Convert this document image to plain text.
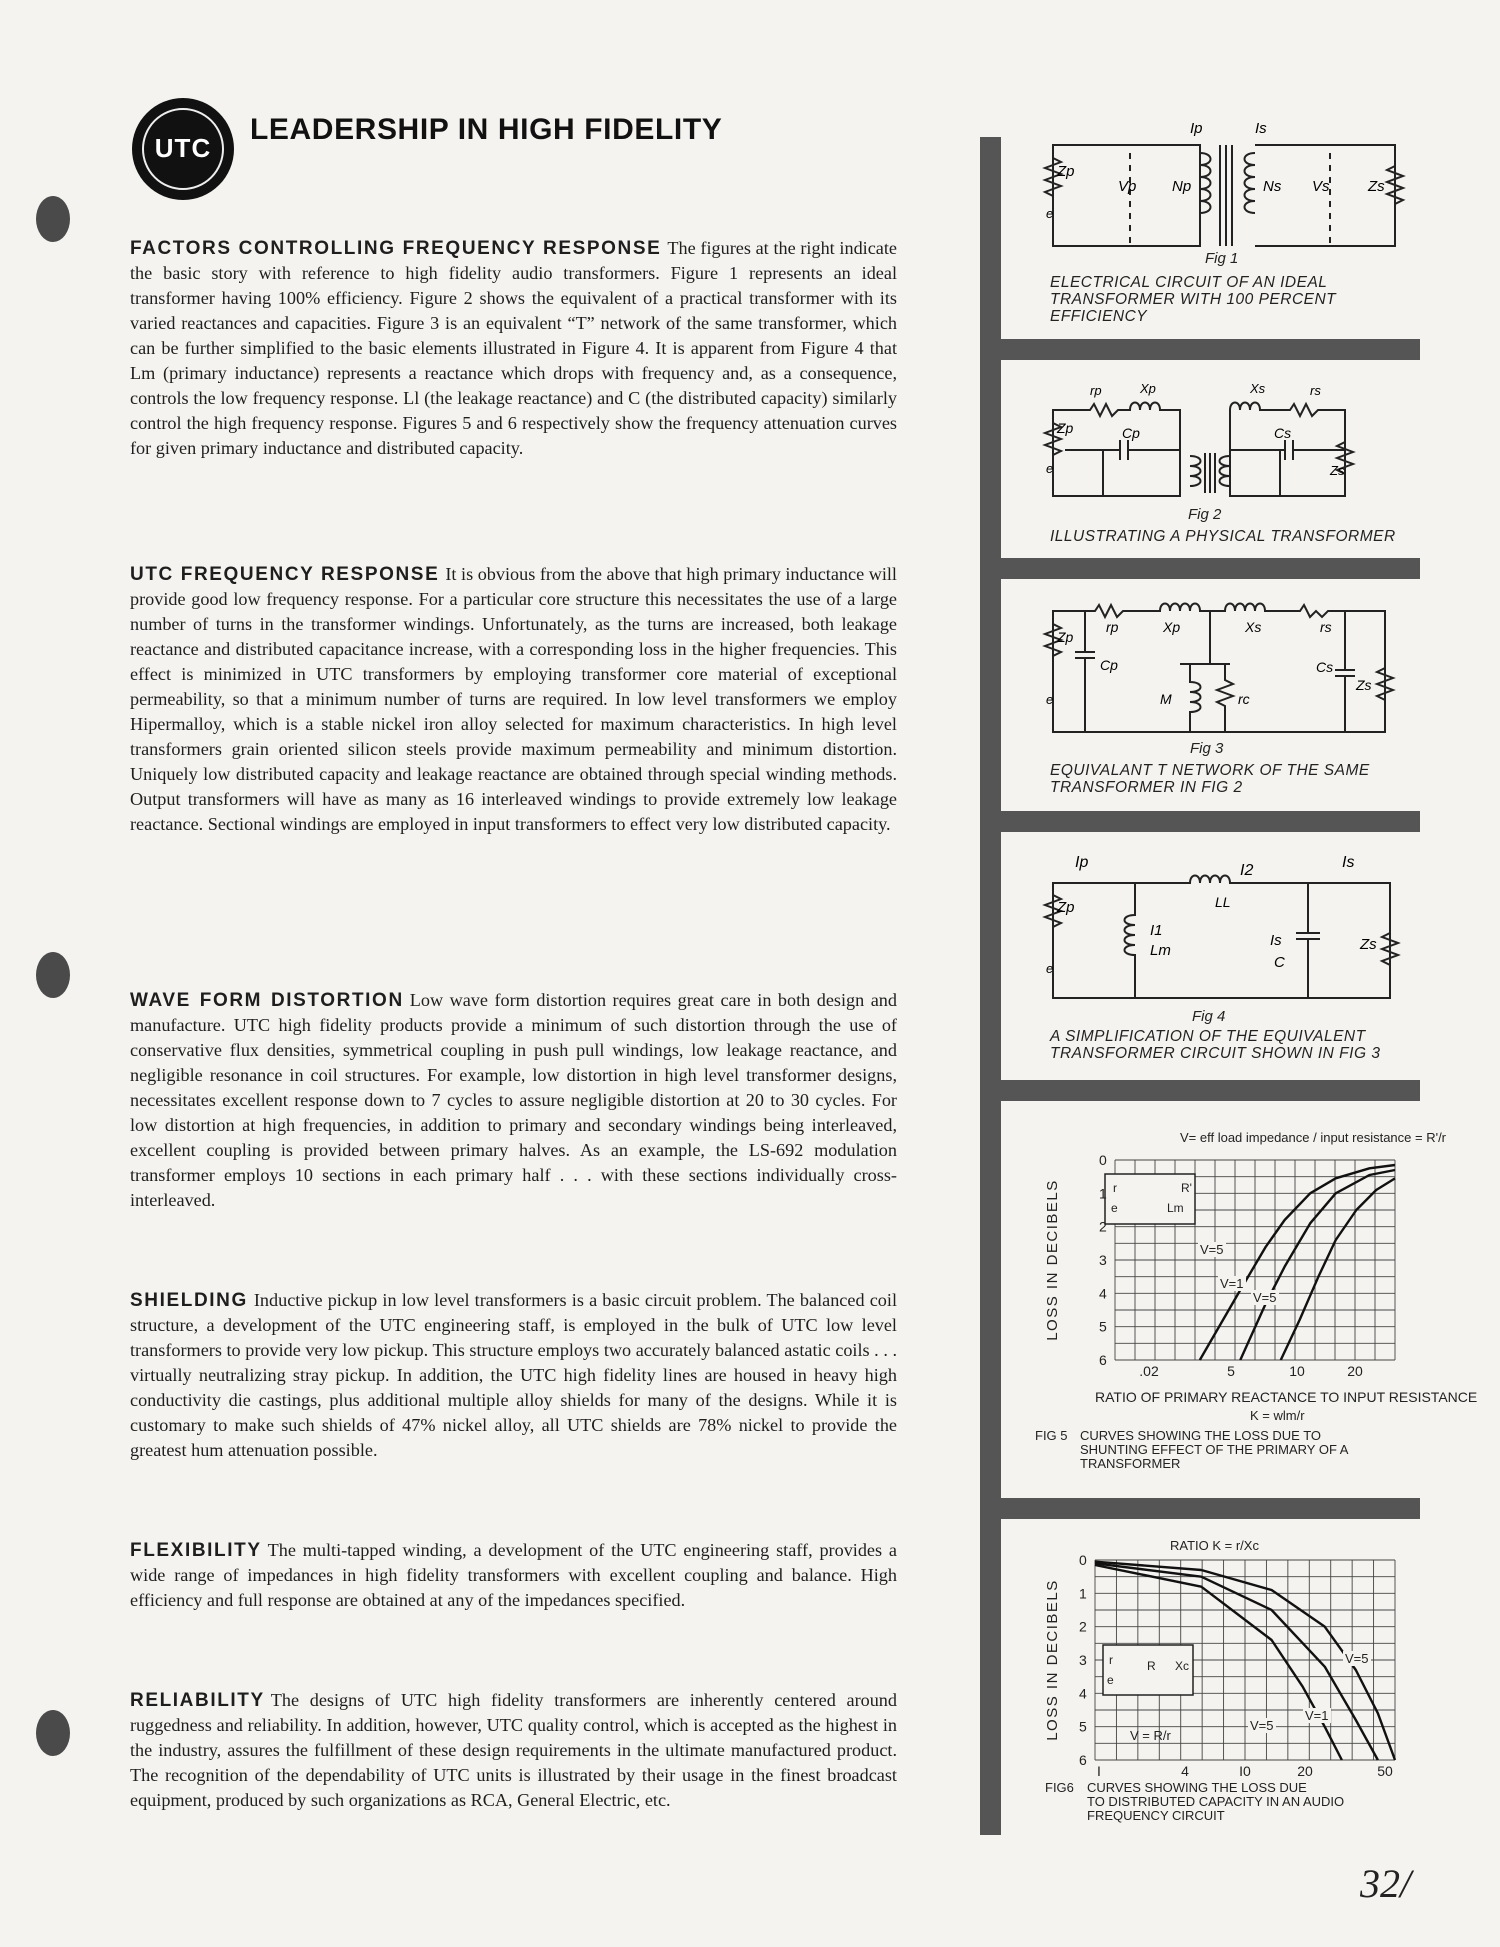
UTC
LEADERSHIP IN HIGH FIDELITY
FACTORS CONTROLLING FREQUENCY RESPONSE The figures at the right indicate the basic story with reference to high fidelity audio transformers. Figure 1 represents an ideal transformer having 100% efficiency. Figure 2 shows the equivalent of a practical transformer with its varied reactances and capacities. Figure 3 is an equivalent “T” network of the same transformer, which can be further simplified to the basic elements illustrated in Figure 4. It is apparent from Figure 4 that Lm (primary inductance) represents a reactance which drops with frequency and, as a consequence, controls the low frequency response. Ll (the leakage reactance) and C (the distributed capacity) similarly control the high frequency response. Figures 5 and 6 respectively show the frequency attenuation curves for given primary inductance and distributed capacity.
UTC FREQUENCY RESPONSE It is obvious from the above that high primary inductance will provide good low frequency response. For a particular core structure this necessitates the use of a large number of turns in the transformer windings. Unfortunately, as the turns are increased, both leakage reactance and distributed capacitance increase, with a corresponding loss in the higher frequencies. This effect is minimized in UTC transformers by employing transformer core material of exceptional permeability, so that a minimum number of turns are required. In low level transformers we employ Hipermalloy, which is a stable nickel iron alloy selected for maximum characteristics. In high level transformers grain oriented silicon steels provide maximum permeability and minimum distortion. Uniquely low distributed capacity and leakage reactance are obtained through special winding methods. Output transformers will have as many as 16 interleaved windings to provide extremely low leakage reactance. Sectional windings are employed in input transformers to effect very low distributed capacity.
WAVE FORM DISTORTION Low wave form distortion requires great care in both design and manufacture. UTC high fidelity products provide a minimum of such distortion through the use of conservative flux densities, symmetrical coupling in push pull windings, low leakage reactance, and negligible resonance in coil structures. For example, low distortion in high level transformer designs, necessitates excellent response down to 7 cycles to assure negligible distortion at 20 to 30 cycles. For low distortion at high frequencies, in addition to primary and secondary windings being interleaved, excellent coupling is provided between primary halves. As an example, the LS-692 modulation transformer employs 10 sections in each primary half . . . with these sections individually cross-interleaved.
SHIELDING Inductive pickup in low level transformers is a basic circuit problem. The balanced coil structure, a development of the UTC engineering staff, is employed in the bulk of UTC low level transformers to provide very low pickup. This structure employs two accurately balanced astatic coils . . . virtually neutralizing stray pickup. In addition, the UTC high fidelity lines are housed in heavy high conductivity die castings, plus additional multiple alloy shields for many of the designs. While it is customary to make such shields of 47% nickel alloy, all UTC shields are 78% nickel to provide the greatest hum attenuation possible.
FLEXIBILITY The multi-tapped winding, a development of the UTC engineering staff, provides a wide range of impedances in high fidelity transformers with excellent coupling and balance. High efficiency and full response are obtained at any of the impedances specified.
RELIABILITY The designs of UTC high fidelity transformers are inherently centered around ruggedness and reliability. In addition, however, UTC quality control, which is accepted as the highest in the industry, assures the fulfillment of these design requirements in the ultimate manufactured product. The recognition of the dependability of UTC units is illustrated by their usage in the finest broadcast equipment, produced by such organizations as RCA, General Electric, etc.
Ip	Is
Zp
Vp Np	Ns Vs	Zs
e
Fig 1
ELECTRICAL CIRCUIT OF AN IDEAL TRANSFORMER WITH 100 PERCENT EFFICIENCY
rp	Xp	Xs	rs
Zp	Cp	Cs
Zs
e
Fig 2
ILLUSTRATING A PHYSICAL TRANSFORMER
rp	Xp	Xs	rs
Zp
Cp
M	rc
Cs
Zs
e
Fig 3
EQUIVALANT T NETWORK OF THE SAME TRANSFORMER IN FIG 2
Ip	I2	Is
LL
Zp
I1
Lm
Is
C
Zs
e
Fig 4
A SIMPLIFICATION OF THE EQUIVALENT TRANSFORMER CIRCUIT SHOWN IN FIG 3
r
e
R'
Lm
0
1
2
3
4
5
6
.02	5	10	20
LOSS IN DECIBELS	V=5
V=1
V=5
V= eff load impedance / input resistance = R'/r
RATIO OF PRIMARY REACTANCE TO INPUT RESISTANCE
K = wlm/r
FIG 5 CURVES SHOWING THE LOSS DUE TO SHUNTING EFFECT OF THE PRIMARY OF A TRANSFORMER
r
e
R Xc
0
1
2
3
4
5
6
I	4	I0	20	50
LOSS IN DECIBELS	V=5
V=1
V=5
RATIO K = r/Xc
V = R/r
FIG6 CURVES SHOWING THE LOSS DUE TO DISTRIBUTED CAPACITY IN AN AUDIO FREQUENCY CIRCUIT
32/
